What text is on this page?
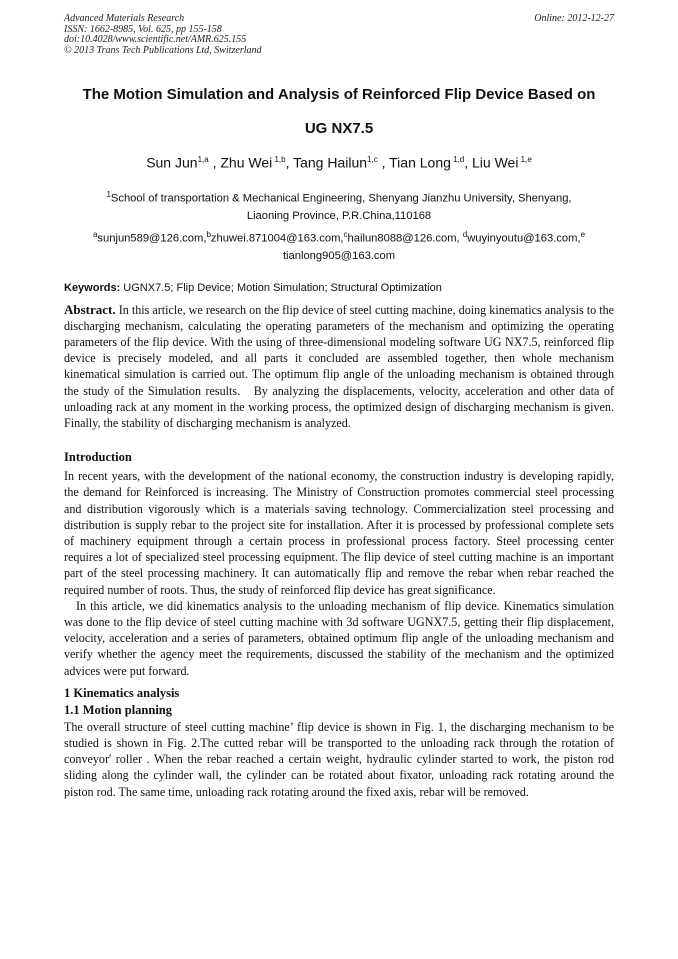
Advanced Materials Research
ISSN: 1662-8985, Vol. 625, pp 155-158
doi:10.4028/www.scientific.net/AMR.625.155
© 2013 Trans Tech Publications Ltd, Switzerland
Online: 2012-12-27
The Motion Simulation and Analysis of Reinforced Flip Device Based on
UG NX7.5
Sun Jun$^{1,a}$ , Zhu Wei $^{1,b}$, Tang Hailun$^{1,c}$ , Tian Long $^{1,d}$, Liu Wei $^{1,e}$
$^1$School of transportation & Mechanical Engineering, Shenyang Jianzhu University, Shenyang,
Liaoning Province, P.R.China,110168
$^a$sunjun589@126.com,$^b$zhuwei.871004@163.com,$^c$hailun8088@126.com, $^d$wuyinyoutu@163.com,$^e$
tianlong905@163.com
Keywords: UGNX7.5; Flip Device; Motion Simulation; Structural Optimization
Abstract. In this article, we research on the flip device of steel cutting machine, doing kinematics analysis to the discharging mechanism, calculating the operating parameters of the mechanism and optimizing the operating parameters of the flip device. With the using of three-dimensional modeling software UG NX7.5, reinforced flip device is precisely modeled, and all parts it concluded are assembled together, then whole mechanism kinematical simulation is carried out. The optimum flip angle of the unloading mechanism is obtained through the study of the Simulation results.   By analyzing the displacements, velocity, acceleration and other data of unloading rack at any moment in the working process, the optimized design of discharging mechanism is given. Finally, the stability of discharging mechanism is analyzed.
Introduction
In recent years, with the development of the national economy, the construction industry is developing rapidly, the demand for Reinforced is increasing. The Ministry of Construction promotes commercial steel processing and distribution vigorously which is a materials saving technology. Commercialization steel processing and distribution is supply rebar to the project site for installation. After it is processed by professional complete sets of machinery equipment through a certain process in professional process factory. Steel processing center requires a lot of specialized steel processing equipment. The flip device of steel cutting machine is an important part of the steel processing machinery. It can automatically flip and remove the rebar when rebar reached the required number of roots. Thus, the study of reinforced flip device has great significance.
In this article, we did kinematics analysis to the unloading mechanism of flip device. Kinematics simulation was done to the flip device of steel cutting machine with 3d software UGNX7.5, getting their flip displacement, velocity, acceleration and a series of parameters, obtained optimum flip angle of the unloading mechanism and verify whether the agency meet the requirements, discussed the stability of the mechanism and the optimized advices were put forward.
1 Kinematics analysis
1.1 Motion planning
The overall structure of steel cutting machine’ flip device is shown in Fig. 1, the discharging mechanism to be studied is shown in Fig. 2.The cutted rebar will be transported to the unloading rack through the rotation of conveyor' roller . When the rebar reached a certain weight, hydraulic cylinder started to work, the piston rod sliding along the cylinder wall, the cylinder can be rotated about fixator, unloading rack rotating around the piston rod. The same time, unloading rack rotating around the fixed axis, rebar will be removed.
